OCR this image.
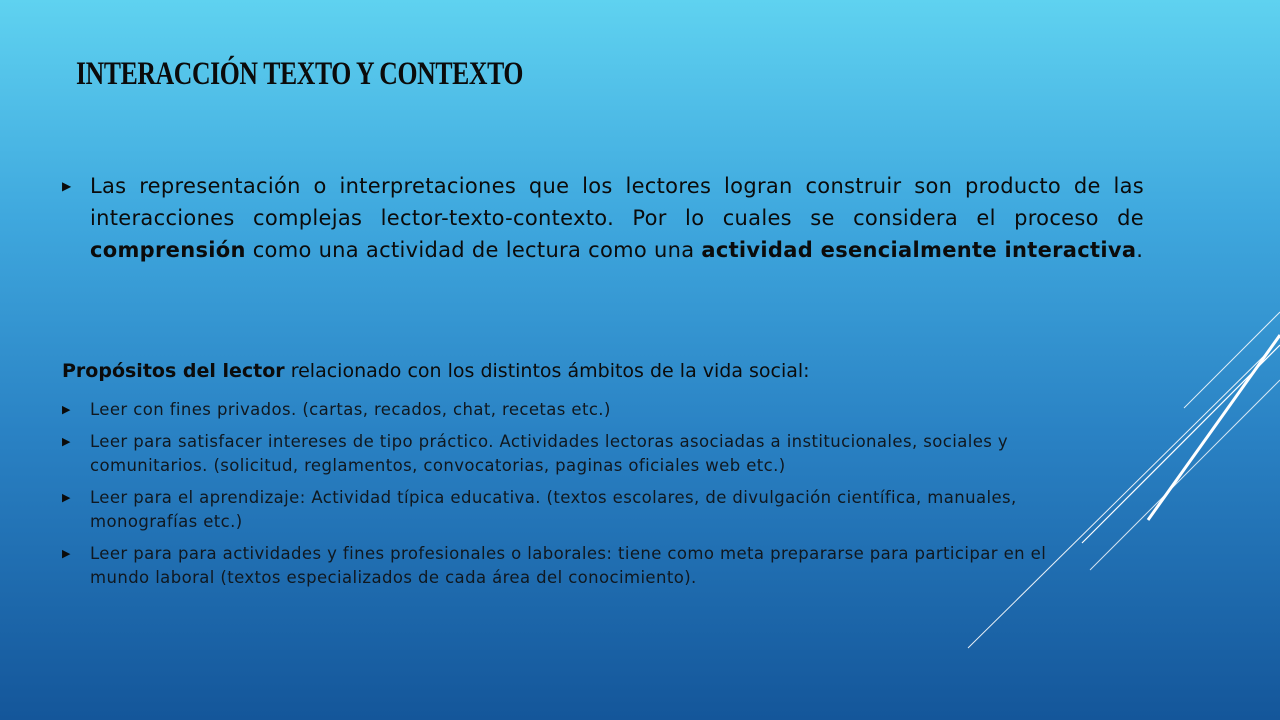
INTERACCIÓN TEXTO Y CONTEXTO
▶ Las representación o interpretaciones que los lectores logran construir son producto de las interacciones complejas lector-texto-contexto. Por lo cuales se considera el proceso de comprensión como una actividad de lectura como una actividad esencialmente interactiva.
Propósitos del lector relacionado con los distintos ámbitos de la vida social:
▶ Leer con fines privados. (cartas, recados, chat, recetas etc.)
▶ Leer para satisfacer intereses de tipo práctico. Actividades lectoras asociadas a institucionales, sociales y comunitarios. (solicitud, reglamentos, convocatorias, paginas oficiales web etc.)
▶ Leer para el aprendizaje: Actividad típica educativa. (textos escolares, de divulgación científica, manuales, monografías etc.)
▶ Leer para para actividades y fines profesionales o laborales: tiene como meta prepararse para participar en el mundo laboral (textos especializados de cada área del conocimiento).
